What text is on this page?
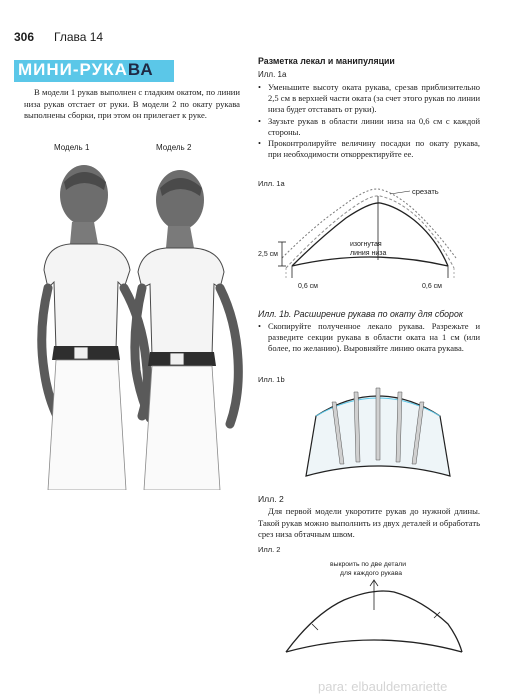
306 Глава 14
МИНИ-РУКАВА
В модели 1 рукав выполнен с гладким окатом, по линии низа рукав отстает от руки. В модели 2 по окату рукава выполнены сборки, при этом он прилегает к руке.
Модель 1	Модель 2
Разметка лекал и манипуляции
Илл. 1а
• Уменьшите высоту оката рукава, срезав приблизительно 2,5 см в верхней части оката (за счет этого рукав по линии низа будет отставать от руки).
• Заузьте рукав в области линии низа на 0,6 см с каждой стороны.
• Проконтролируйте величину посадки по окату рукава, при необходимости откорректируйте ее.
Илл. 1а
срезать
изогнутая
линия низа
2,5 см
0,6 см	0,6 см
Илл. 1b. Расширение рукава по окату для сборок
• Скопируйте полученное лекало рукава. Разрежьте и разведите секции рукава в области оката на 1 см (или более, по желанию). Выровняйте линию оката рукава.
Илл. 1b
Илл. 2
Для первой модели укоротите рукав до нужной длины. Такой рукав можно выполнить из двух деталей и обработать срез низа обтачным швом.
Илл. 2
выкроить по две детали
для каждого рукава
para: elbauldemariette
